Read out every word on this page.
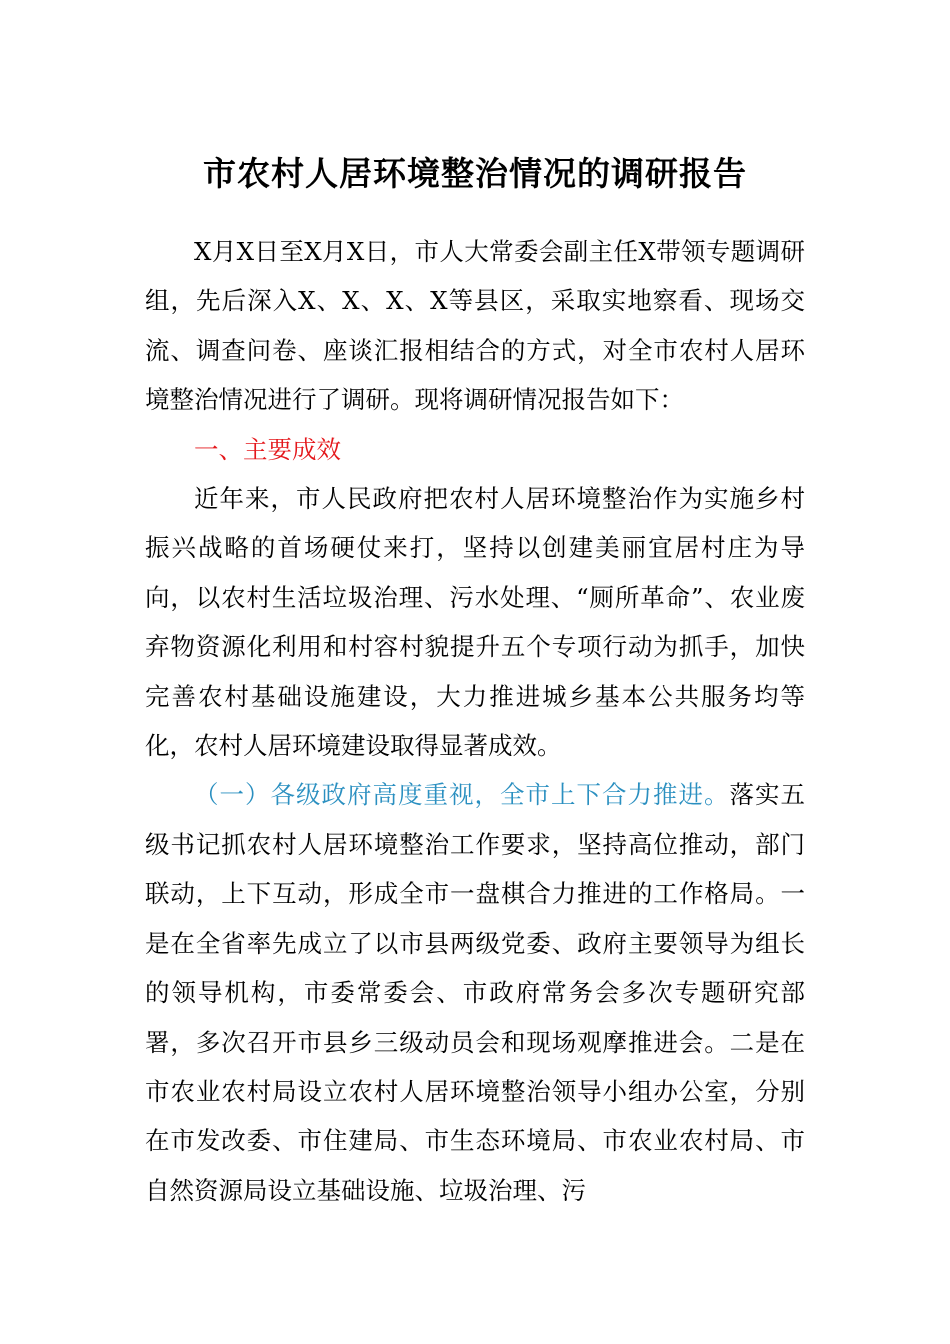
市农村人居环境整治情况的调研报告

X月X日至X月X日，市人大常委会副主任X带领专题调研组，先后深入X、X、X、X等县区，采取实地察看、现场交流、调查问卷、座谈汇报相结合的方式，对全市农村人居环境整治情况进行了调研。现将调研情况报告如下：

一、主要成效

近年来，市人民政府把农村人居环境整治作为实施乡村振兴战略的首场硬仗来打，坚持以创建美丽宜居村庄为导向，以农村生活垃圾治理、污水处理、“厕所革命”、农业废弃物资源化利用和村容村貌提升五个专项行动为抓手，加快完善农村基础设施建设，大力推进城乡基本公共服务均等化，农村人居环境建设取得显著成效。

（一）各级政府高度重视，全市上下合力推进。落实五级书记抓农村人居环境整治工作要求，坚持高位推动，部门联动，上下互动，形成全市一盘棋合力推进的工作格局。一是在全省率先成立了以市县两级党委、政府主要领导为组长的领导机构，市委常委会、市政府常务会多次专题研究部署，多次召开市县乡三级动员会和现场观摩推进会。二是在市农业农村局设立农村人居环境整治领导小组办公室，分别在市发改委、市住建局、市生态环境局、市农业农村局、市自然资源局设立基础设施、垃圾治理、污
